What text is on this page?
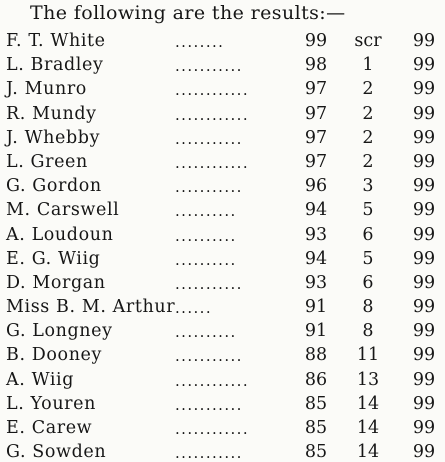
The following are the results:—
F. T. White	........	99 scr 99
L. Bradley	...........	98	1	99
J. Munro	............	97	2	99
R. Mundy	............	97	2	99
J. Whebby	...........	97	2	99
L. Green	............	97	2	99
G. Gordon	...........	96	3	99
M. Carswell	..........	94	5	99
A. Loudoun	..........	93	6	99
E. G. Wiig	..........	94	5	99
D. Morgan	...........	93	6	99
Miss B. M. Arthur ......	91	8	99
G. Longney	..........	91	8	99
B. Dooney	...........	88 11 99
A. Wiig	............	86 13 99
L. Youren	...........	85 14 99
E. Carew	............	85 14 99
G. Sowden	...........	85 14 99
